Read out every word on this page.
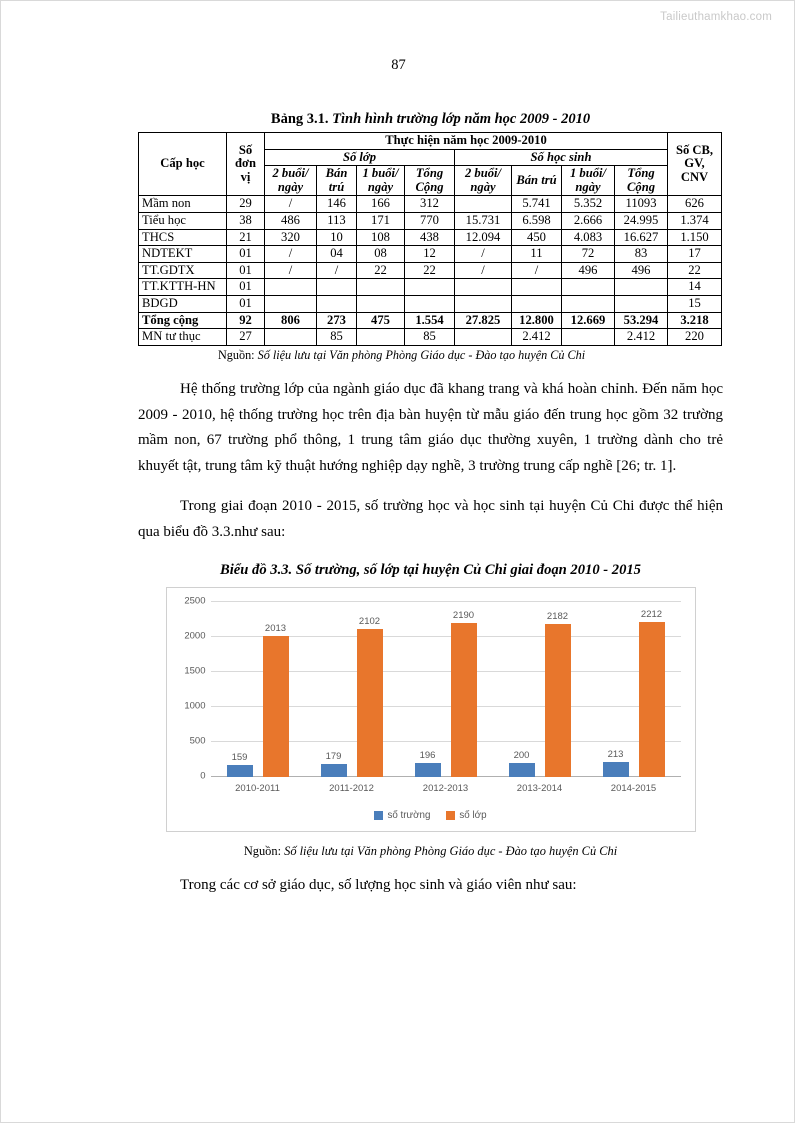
Tailieuthamkhao.com
87
Bảng 3.1. Tình hình trường lớp năm học 2009 - 2010
Cấp học	Số đơn vị	Thực hiện năm học 2009-2010								Số CB, GV, CNV
		Số lớp				Số học sinh				
		2 buổi/ ngày	Bán trú	1 buổi/ ngày	Tổng Cộng	2 buổi/ ngày	Bán trú	1 buổi/ ngày	Tổng Cộng	
Mầm non	29	/	146	166	312		5.741	5.352	11093	626
Tiểu học	38	486	113	171	770	15.731	6.598	2.666	24.995	1.374
THCS	21	320	10	108	438	12.094	450	4.083	16.627	1.150
NDTEKT	01	/	04	08	12	/	11	72	83	17
TT.GDTX	01	/	/	22	22	/	/	496	496	22
TT.KTTH-HN	01									14
BDGD	01									15
Tổng cộng	92	806	273	475	1.554	27.825	12.800	12.669	53.294	3.218
MN tư thục	27		85		85		2.412		2.412	220
Nguồn: Số liệu lưu tại Văn phòng Phòng Giáo dục - Đào tạo huyện Củ Chi

Hệ thống trường lớp của ngành giáo dục đã khang trang và khá hoàn chỉnh. Đến năm học 2009 - 2010, hệ thống trường học trên địa bàn huyện từ mẫu giáo đến trung học gồm 32 trường mầm non, 67 trường phổ thông, 1 trung tâm giáo dục thường xuyên, 1 trường dành cho trẻ khuyết tật, trung tâm kỹ thuật hướng nghiệp dạy nghề, 3 trường trung cấp nghề [26; tr. 1].

Trong giai đoạn 2010 - 2015, số trường học và học sinh tại huyện Củ Chi được thể hiện qua biểu đồ 3.3.như sau:

Biểu đồ 3.3. Số trường, số lớp tại huyện Củ Chi giai đoạn 2010 - 2015
2500
2000
1500
1000
500
0
159
2013
2010-2011
179
2102
2011-2012
196
2190
2012-2013
200
2182
2013-2014
213
2212
2014-2015
số trường	số lớp
Nguồn: Số liệu lưu tại Văn phòng Phòng Giáo dục - Đào tạo huyện Củ Chi

Trong các cơ sở giáo dục, số lượng học sinh và giáo viên như sau:
